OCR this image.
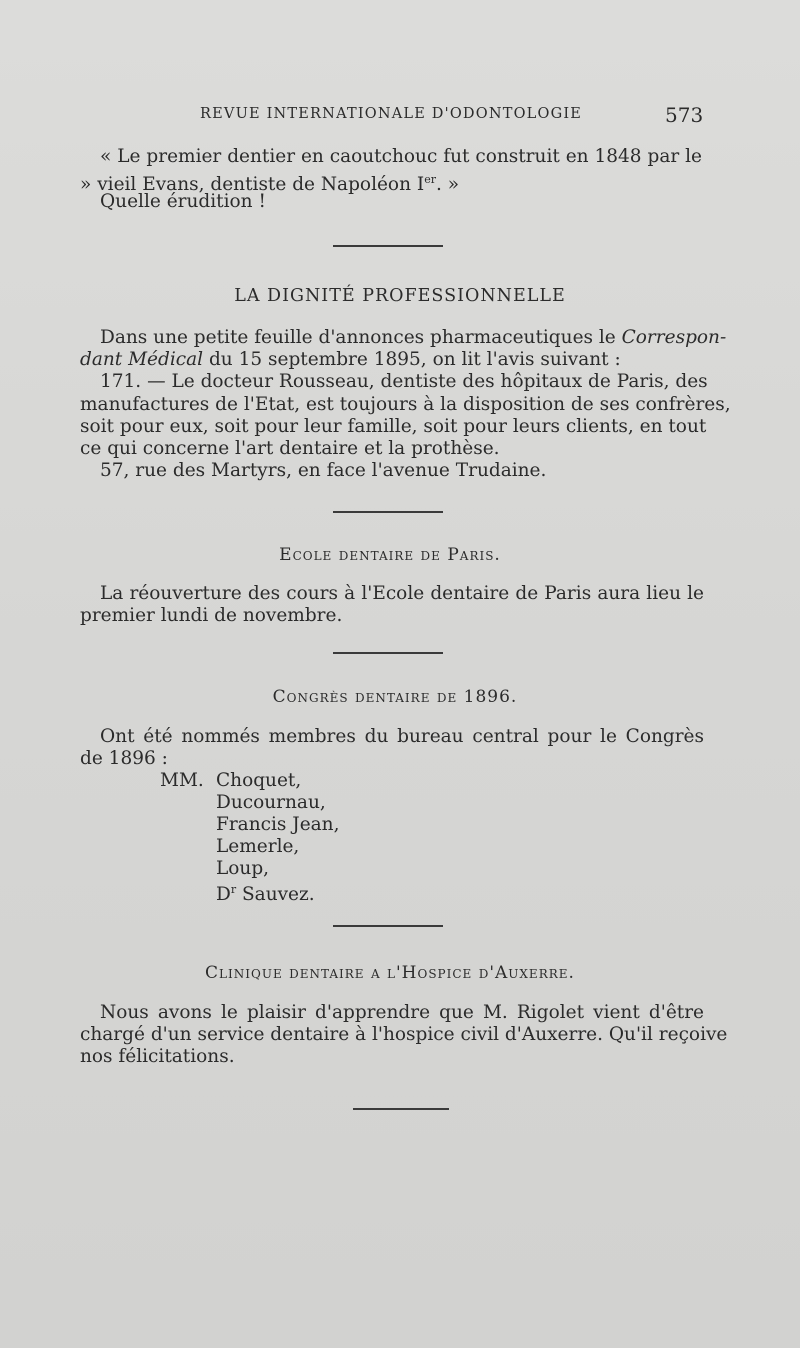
REVUE INTERNATIONALE D'ODONTOLOGIE	573

« Le premier dentier en caoutchouc fut construit en 1848 par le

» vieil Evans, dentiste de Napoléon Ier. »

Quelle érudition !

LA DIGNITÉ PROFESSIONNELLE

Dans une petite feuille d'annonces pharmaceutiques le Correspon-

dant Médical du 15 septembre 1895, on lit l'avis suivant :

171. — Le docteur Rousseau, dentiste des hôpitaux de Paris, des

manufactures de l'Etat, est toujours à la disposition de ses confrères,

soit pour eux, soit pour leur famille, soit pour leurs clients, en tout

ce qui concerne l'art dentaire et la prothèse.

57, rue des Martyrs, en face l'avenue Trudaine.

Ecole dentaire de Paris.

La réouverture des cours à l'Ecole dentaire de Paris aura lieu le

premier lundi de novembre.

Congrès dentaire de 1896.

Ont été nommés membres du bureau central pour le Congrès

de 1896 :

MM. Choquet,

Ducournau,

Francis Jean,

Lemerle,

Loup,

$D^r$ Sauvez.

Clinique dentaire a l'Hospice d'Auxerre.

Nous avons le plaisir d'apprendre que M. Rigolet vient d'être

chargé d'un service dentaire à l'hospice civil d'Auxerre. Qu'il reçoive

nos félicitations.
